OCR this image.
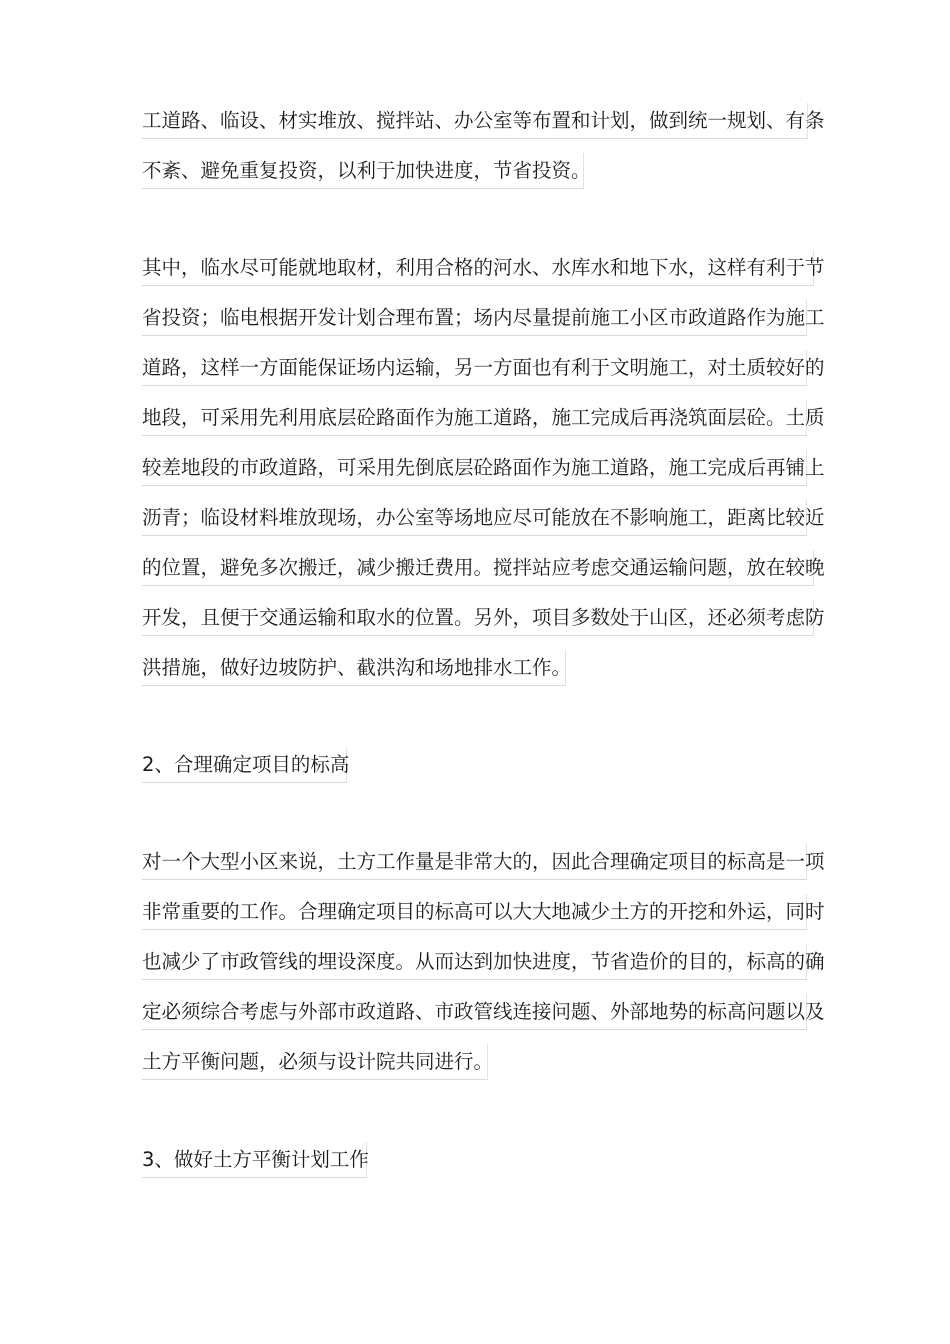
工道路、临设、材实堆放、搅拌站、办公室等布置和计划，做到统一规划、有条
不紊、避免重复投资，以利于加快进度，节省投资。
其中，临水尽可能就地取材，利用合格的河水、水库水和地下水，这样有利于节
省投资；临电根据开发计划合理布置；场内尽量提前施工小区市政道路作为施工
道路，这样一方面能保证场内运输，另一方面也有利于文明施工，对土质较好的
地段，可采用先利用底层砼路面作为施工道路，施工完成后再浇筑面层砼。土质
较差地段的市政道路，可采用先倒底层砼路面作为施工道路，施工完成后再铺上
沥青；临设材料堆放现场，办公室等场地应尽可能放在不影响施工，距离比较近
的位置，避免多次搬迁，减少搬迁费用。搅拌站应考虑交通运输问题，放在较晚
开发，且便于交通运输和取水的位置。另外，项目多数处于山区，还必须考虑防
洪措施，做好边坡防护、截洪沟和场地排水工作。
2、合理确定项目的标高
对一个大型小区来说，土方工作量是非常大的，因此合理确定项目的标高是一项
非常重要的工作。合理确定项目的标高可以大大地减少土方的开挖和外运，同时
也减少了市政管线的埋设深度。从而达到加快进度，节省造价的目的，标高的确
定必须综合考虑与外部市政道路、市政管线连接问题、外部地势的标高问题以及
土方平衡问题，必须与设计院共同进行。
3、做好土方平衡计划工作
